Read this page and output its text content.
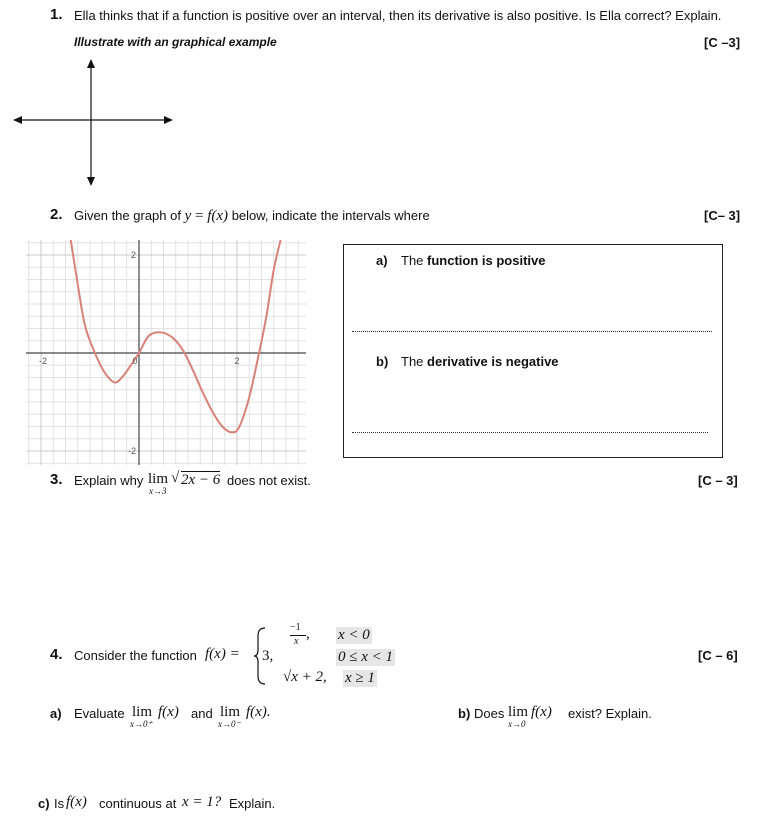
1. Ella thinks that if a function is positive over an interval, then its derivative is also positive. Is Ella correct? Explain.
Illustrate with an graphical example	[C –3]
2. Given the graph of y = f(x) below, indicate the intervals where	[C– 3]
-2	0	2
2
-2
a) The function is positive
b) The derivative is negative
3. Explain why lim
x→3
√ 2x − 6 does not exist.	[C – 3]
4. Consider the function f(x) =
−1
x , x < 0
3,	0 ≤ x < 1
√x + 2, x ≥ 1
[C – 6]
a) Evaluate lim
x→0⁺
f(x) and lim
x→0⁻
f(x).	b) Does lim
x→0
f(x) exist? Explain.
c) Is f(x) continuous at x = 1? Explain.
